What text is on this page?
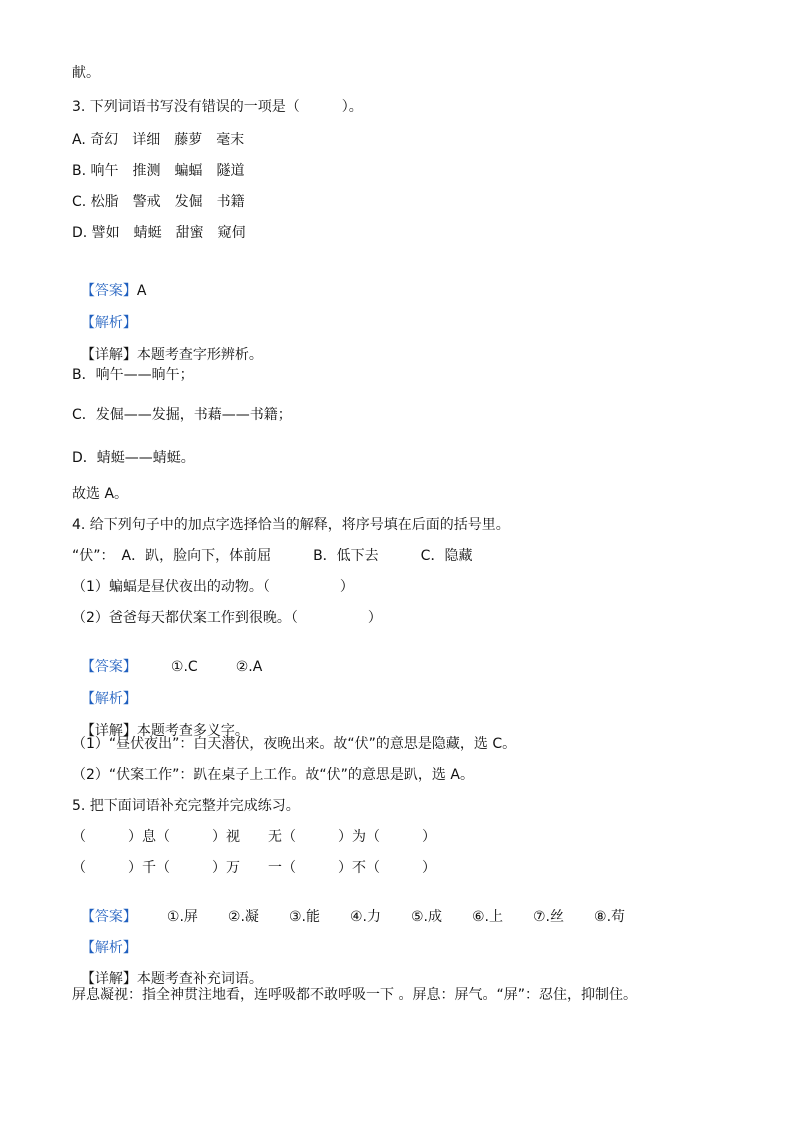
献。
3. 下列词语书写没有错误的一项是（　　　）。
A. 奇幻　详细　藤萝　毫末
B. 响午　推测　蝙蝠　隧道
C. 松脂　警戒　发倔　书籍
D. 譬如　蜻蜓　甜蜜　窥伺

【答案】A

【解析】

【详解】本题考查字形辨析。

B．响午——晌午；
C．发倔——发掘，书藉——书籍；
D．蜻蜓——蜻蜓。
故选 A。
4. 给下列句子中的加点字选择恰当的解释，将序号填在后面的括号里。
“伏”：　A．趴，脸向下，体前屈　　　B．低下去　　　C．隐藏
（1）蝙蝠是昼伏夜出的动物。（　　　　　）
（2）爸爸每天都伏案工作到很晚。（　　　　　）

【答案】 ①.C	②.A

【解析】

【详解】本题考查多义字。

（1）“昼伏夜出”：白天潜伏，夜晚出来。故“伏”的意思是隐藏，选 C。
（2）“伏案工作”：趴在桌子上工作。故“伏”的意思是趴，选 A。
5. 把下面词语补充完整并完成练习。
（　　　）息（　　　）视　　无（　　　）为（　　　）
（　　　）千（　　　）万　　一（　　　）不（　　　）

【答案】 ①.屏 ②.凝 ③.能 ④.力 ⑤.成 ⑥.上 ⑦.丝 ⑧.苟

【解析】

【详解】本题考查补充词语。

屏息凝视：指全神贯注地看，连呼吸都不敢呼吸一下 。屏息：屏气。“屏”：忍住，抑制住。
